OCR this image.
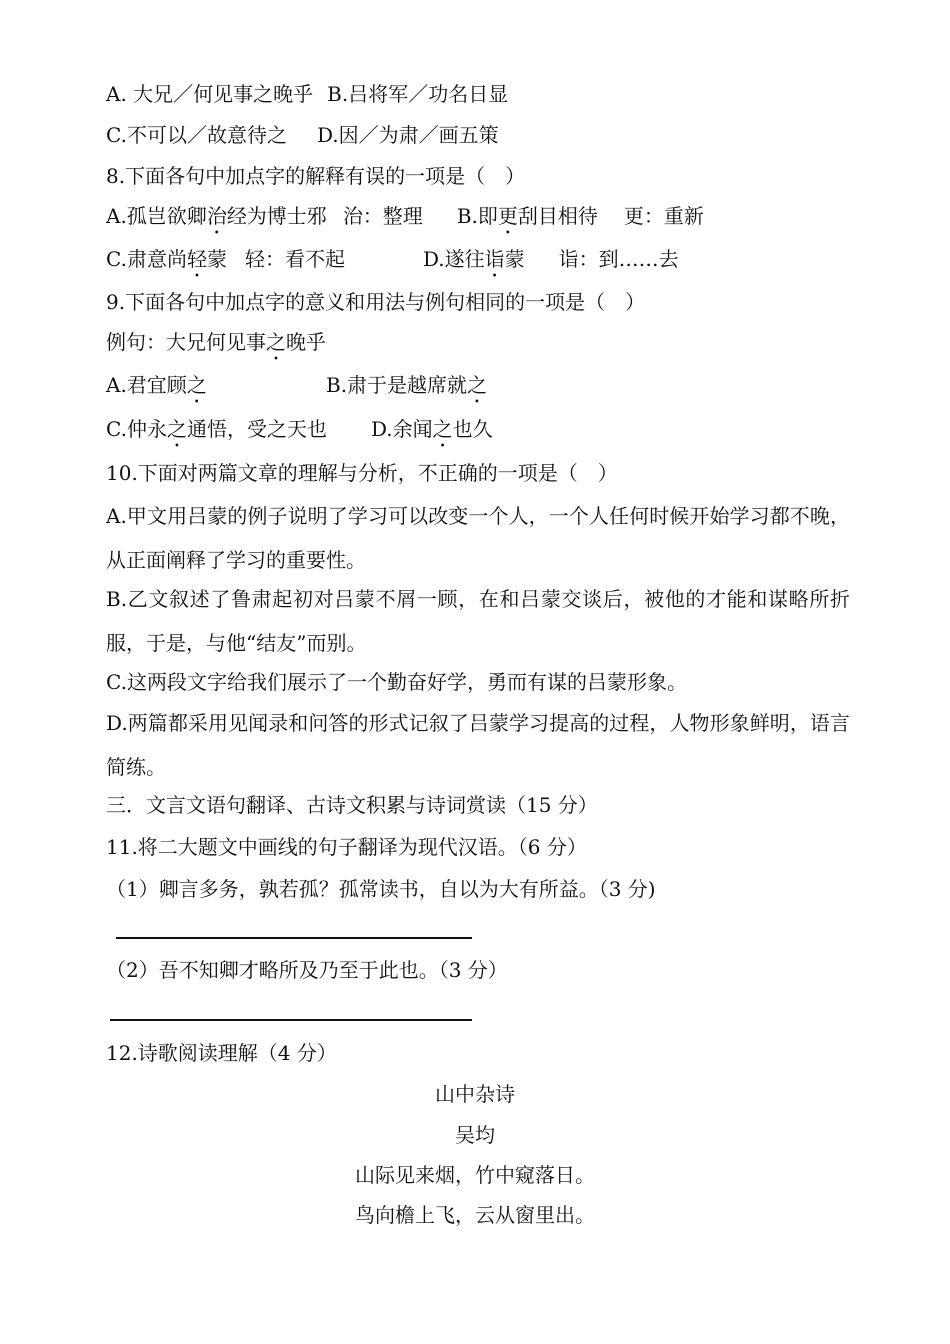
A. 大兄／何见事之晚乎 B.吕将军／功名日显
C.不可以／故意待之 D.因／为肃／画五策
8.下面各句中加点字的解释有误的一项是（　）
A.孤岂欲卿治经为博士邪 治：整理 B.即更刮目相待 更：重新
C.肃意尚轻蒙 轻：看不起	D.遂往诣蒙 诣：到……去
9.下面各句中加点字的意义和用法与例句相同的一项是（　）
例句：大兄何见事之晚乎
A.君宜顾之	B.肃于是越席就之
C.仲永之通悟，受之天也 D.余闻之也久
10.下面对两篇文章的理解与分析，不正确的一项是（　）
A.甲文用吕蒙的例子说明了学习可以改变一个人，一个人任何时候开始学习都不晚，从正面阐释了学习的重要性。
B.乙文叙述了鲁肃起初对吕蒙不屑一顾，在和吕蒙交谈后，被他的才能和谋略所折服，于是，与他“结友”而别。
C.这两段文字给我们展示了一个勤奋好学，勇而有谋的吕蒙形象。
D.两篇都采用见闻录和问答的形式记叙了吕蒙学习提高的过程，人物形象鲜明，语言简练。
三．文言文语句翻译、古诗文积累与诗词赏读（15 分）
11.将二大题文中画线的句子翻译为现代汉语。（6 分）
（1）卿言多务，孰若孤？孤常读书，自以为大有所益。（3 分)
（2）吾不知卿才略所及乃至于此也。（3 分）
12.诗歌阅读理解（4 分）
山中杂诗
吴均
山际见来烟，竹中窥落日。
鸟向檐上飞，云从窗里出。
